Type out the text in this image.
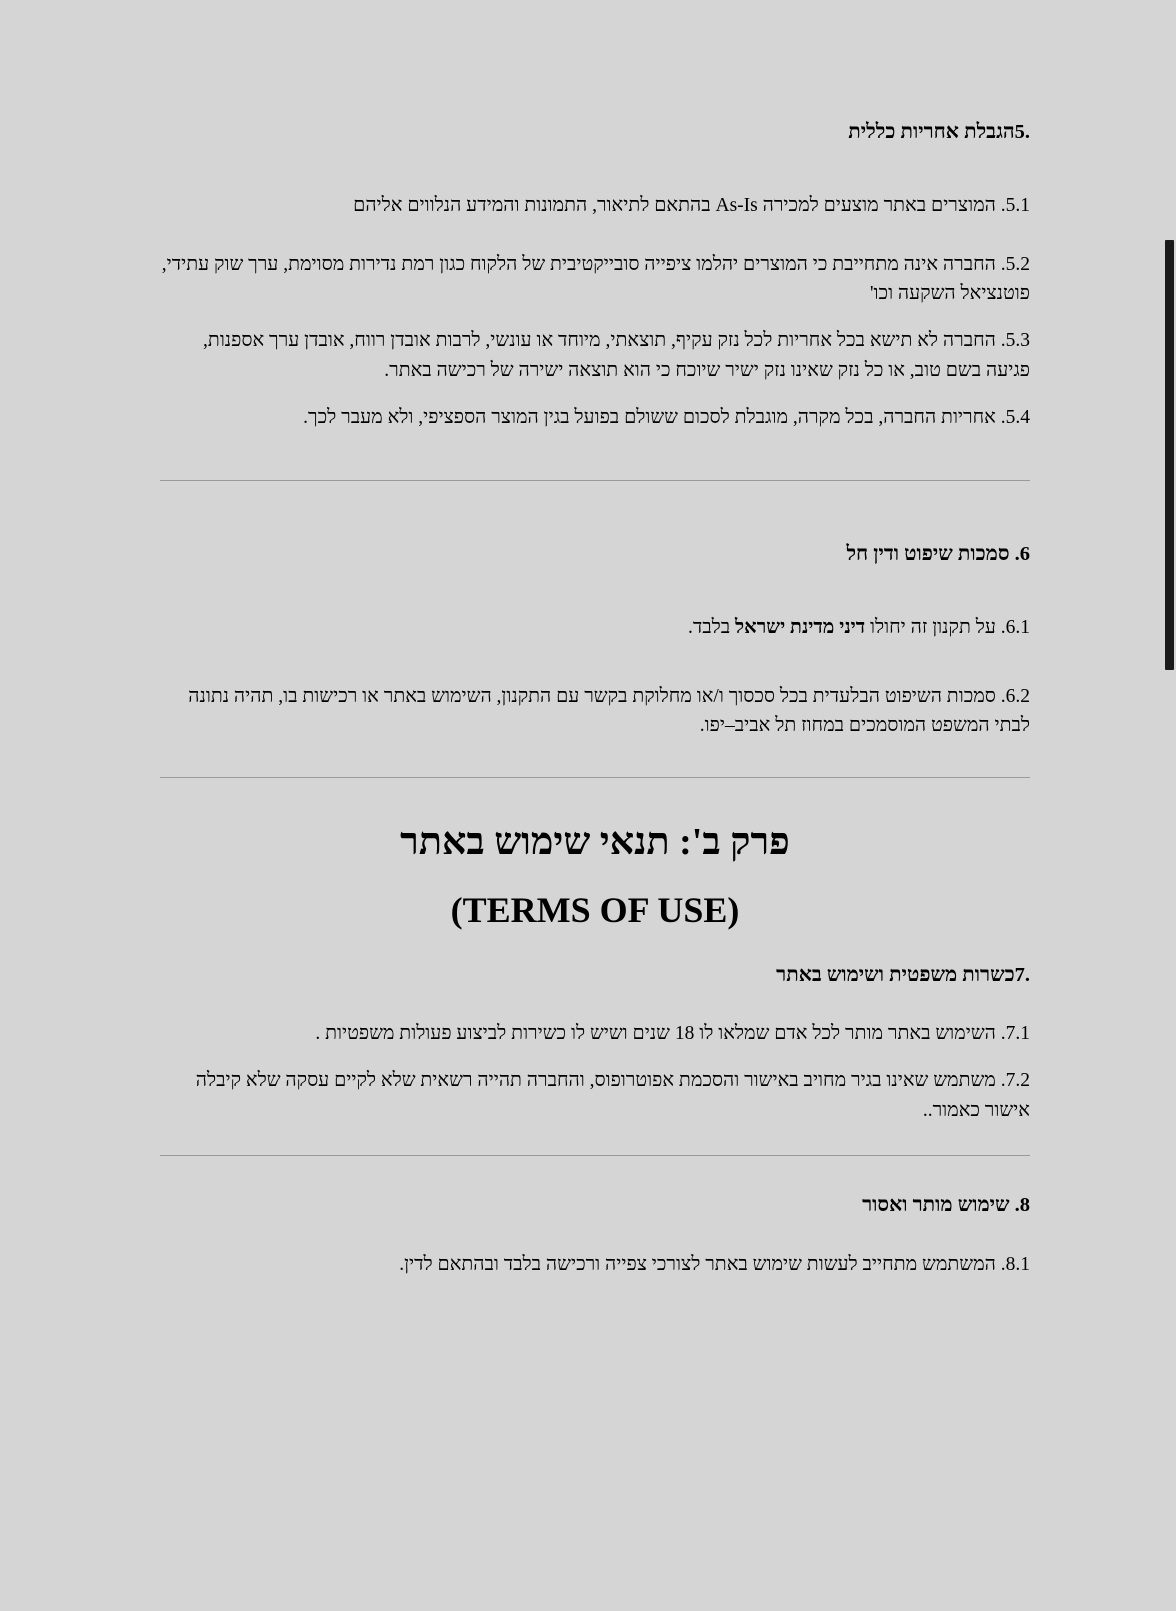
.5הגבלת אחריות כללית
5.1. המוצרים באתר מוצעים למכירה As-Is בהתאם לתיאור, התמונות והמידע הנלווים אליהם
5.2. החברה אינה מתחייבת כי המוצרים יהלמו ציפייה סובייקטיבית של הלקוח כגון רמת נדירות מסוימת, ערך שוק עתידי, פוטנציאל השקעה וכו'
5.3. החברה לא תישא בכל אחריות לכל נזק עקיף, תוצאתי, מיוחד או עונשי, לרבות אובדן רווח, אובדן ערך אספנות, פגיעה בשם טוב, או כל נזק שאינו נזק ישיר שיוכח כי הוא תוצאה ישירה של רכישה באתר.
5.4. אחריות החברה, בכל מקרה, מוגבלת לסכום ששולם בפועל בגין המוצר הספציפי, ולא מעבר לכך.
6. סמכות שיפוט ודין חל
6.1. על תקנון זה יחולו דיני מדינת ישראל בלבד.
6.2. סמכות השיפוט הבלעדית בכל סכסוך ו/או מחלוקת בקשר עם התקנון, השימוש באתר או רכישות בו, תהיה נתונה לבתי המשפט המוסמכים במחוז תל אביב–יפו.
פרק ב': תנאי שימוש באתר
(TERMS OF USE)
.7כשרות משפטית ושימוש באתר
7.1. השימוש באתר מותר לכל אדם שמלאו לו 18 שנים ושיש לו כשירות לביצוע פעולות משפטיות .
7.2. משתמש שאינו בגיר מחויב באישור והסכמת אפוטרופוס, והחברה תהייה רשאית שלא לקיים עסקה שלא קיבלה אישור כאמור..
8. שימוש מותר ואסור
8.1. המשתמש מתחייב לעשות שימוש באתר לצורכי צפייה ורכישה בלבד ובהתאם לדין.
